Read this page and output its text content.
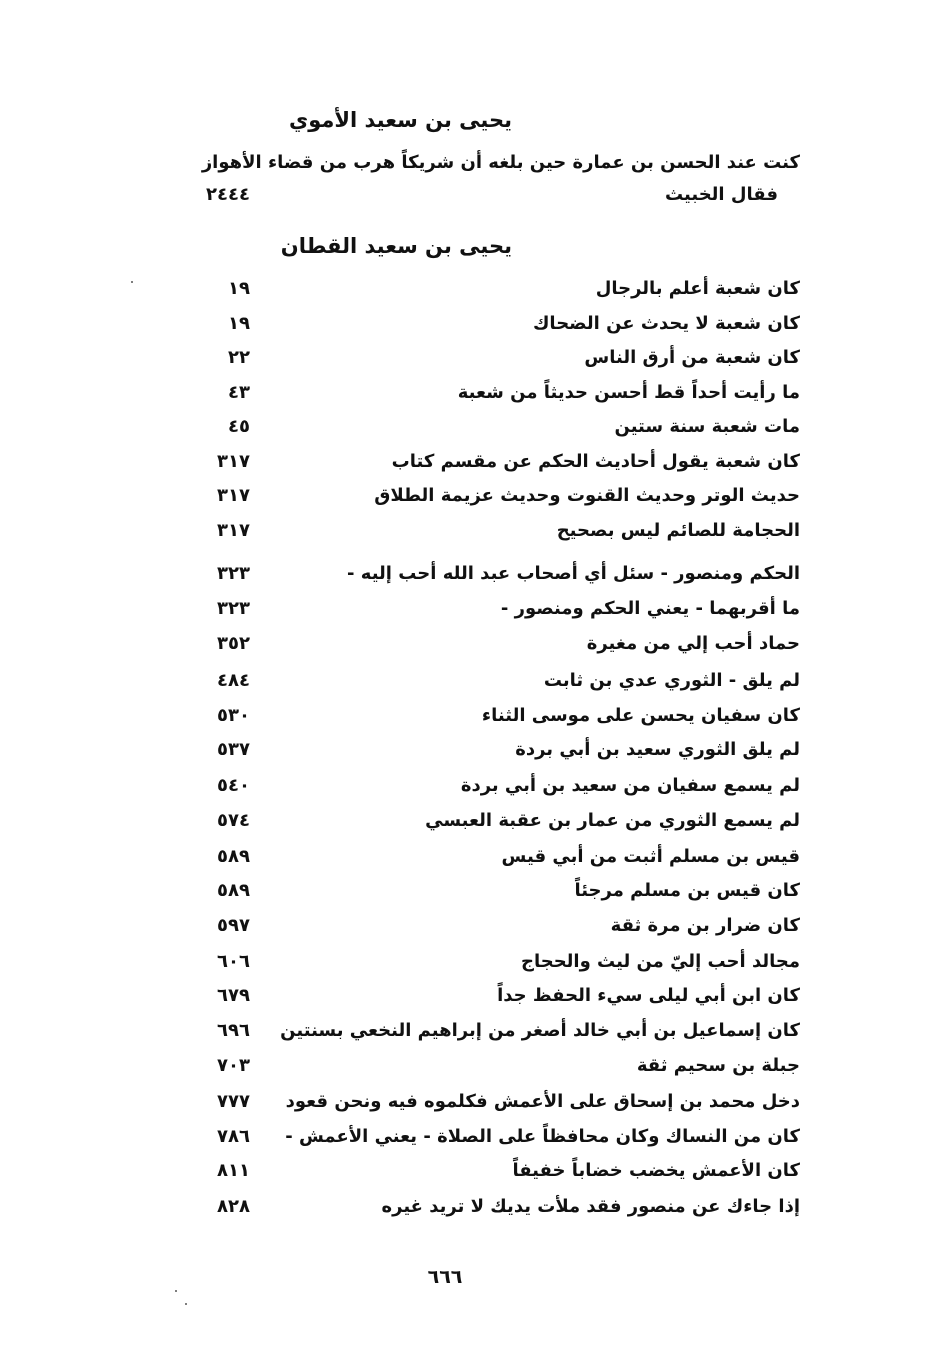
يحيى بن سعيد الأموي
كنت عند الحسن بن عمارة حين بلغه أن شريكاً هرب من قضاء الأهواز
فقال الخبيث
٢٤٤٤
يحيى بن سعيد القطان
كان شعبة أعلم بالرجال
١٩
كان شعبة لا يحدث عن الضحاك
١٩
كان شعبة من أرق الناس
٢٢
ما رأيت أحداً قط أحسن حديثاً من شعبة
٤٣
مات شعبة سنة ستين
٤٥
كان شعبة يقول أحاديث الحكم عن مقسم كتاب
٣١٧
حديث الوتر وحديث القنوت وحديث عزيمة الطلاق
٣١٧
الحجامة للصائم ليس بصحيح
٣١٧
الحكم ومنصور - سئل أي أصحاب عبد الله أحب إليه -
٣٢٣
ما أقربهما - يعني الحكم ومنصور -
٣٢٣
حماد أحب إلي من مغيرة
٣٥٢
لم يلق - الثوري عدي بن ثابت
٤٨٤
كان سفيان يحسن على موسى الثناء
٥٣٠
لم يلق الثوري سعيد بن أبي بردة
٥٣٧
لم يسمع سفيان من سعيد بن أبي بردة
٥٤٠
لم يسمع الثوري من عمار بن عقبة العبسي
٥٧٤
قيس بن مسلم أثبت من أبي قيس
٥٨٩
كان قيس بن مسلم مرجئاً
٥٨٩
كان ضرار بن مرة ثقة
٥٩٧
مجالد أحب إليّ من ليث والحجاج
٦٠٦
كان ابن أبي ليلى سيء الحفظ جداً
٦٧٩
كان إسماعيل بن أبي خالد أصغر من إبراهيم النخعي بسنتين
٦٩٦
جبلة بن سحيم ثقة
٧٠٣
دخل محمد بن إسحاق على الأعمش فكلموه فيه ونحن قعود
٧٧٧
كان من النساك وكان محافظاً على الصلاة - يعني الأعمش -
٧٨٦
كان الأعمش يخضب خضاباً خفيفاً
٨١١
إذا جاءك عن منصور فقد ملأت يديك لا تريد غيره
٨٢٨
٦٦٦
